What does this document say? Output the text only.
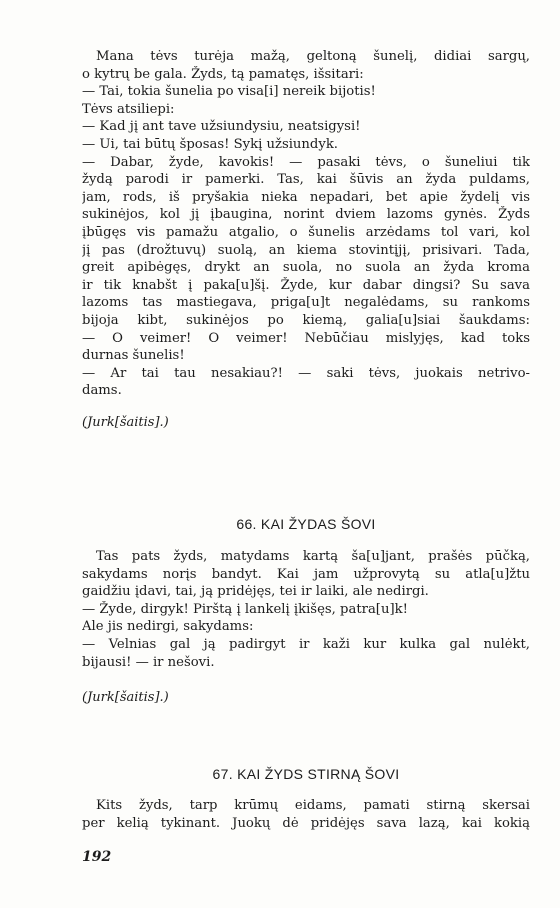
Mana tėvs turėja mažą, geltoną šunelį, didiai sargų,
o kytrų be gala. Žyds, tą pamatęs, išsitari:
— Tai, tokia šunelia po visa[i] nereik bijotis!
Tėvs atsiliepi:
— Kad jį ant tave užsiundysiu, neatsigysi!
— Ui, tai būtų šposas! Sykį užsiundyk.
— Dabar, žyde, kavokis! — pasaki tėvs, o šuneliui tik
žydą parodi ir pamerki. Tas, kai šūvis an žyda puldams,
jam, rods, iš pryšakia nieka nepadari, bet apie žydelį vis
sukinėjos, kol jį įbaugina, norint dviem lazoms gynės. Žyds
įbūgęs vis pamažu atgalio, o šunelis arzėdams tol vari, kol
jį pas (drožtuvų) suolą, an kiema stovintįjį, prisivari. Tada,
greit apibėgęs, drykt an suola, no suola an žyda kroma
ir tik knabšt į paka[u]šį. Žyde, kur dabar dingsi? Su sava
lazoms tas mastiegava, priga[u]t negalėdams, su rankoms
bijoja kibt, sukinėjos po kiemą, galia[u]siai šaukdams:
— O veimer! O veimer! Nebūčiau mislyjęs, kad toks
durnas šunelis!
— Ar tai tau nesakiau?! — saki tėvs, juokais netrivo-
dams.
(Jurk[šaitis].)
66. KAI ŽYDAS ŠOVI
Tas pats žyds, matydams kartą ša[u]jant, prašės pūčką,
sakydams norįs bandyt. Kai jam užprovytą su atla[u]žtu
gaidžiu įdavi, tai, ją pridėjęs, tei ir laiki, ale nedirgi.
— Žyde, dirgyk! Pirštą į lankelį įkišęs, patra[u]k!
Ale jis nedirgi, sakydams:
— Velnias gal ją padirgyt ir kaži kur kulka gal nulėkt,
bijausi! — ir nešovi.
(Jurk[šaitis].)
67. KAI ŽYDS STIRNĄ ŠOVI
Kits žyds, tarp krūmų eidams, pamati stirną skersai
per kelią tykinant. Juokų dė pridėjęs sava lazą, kai kokią
192
